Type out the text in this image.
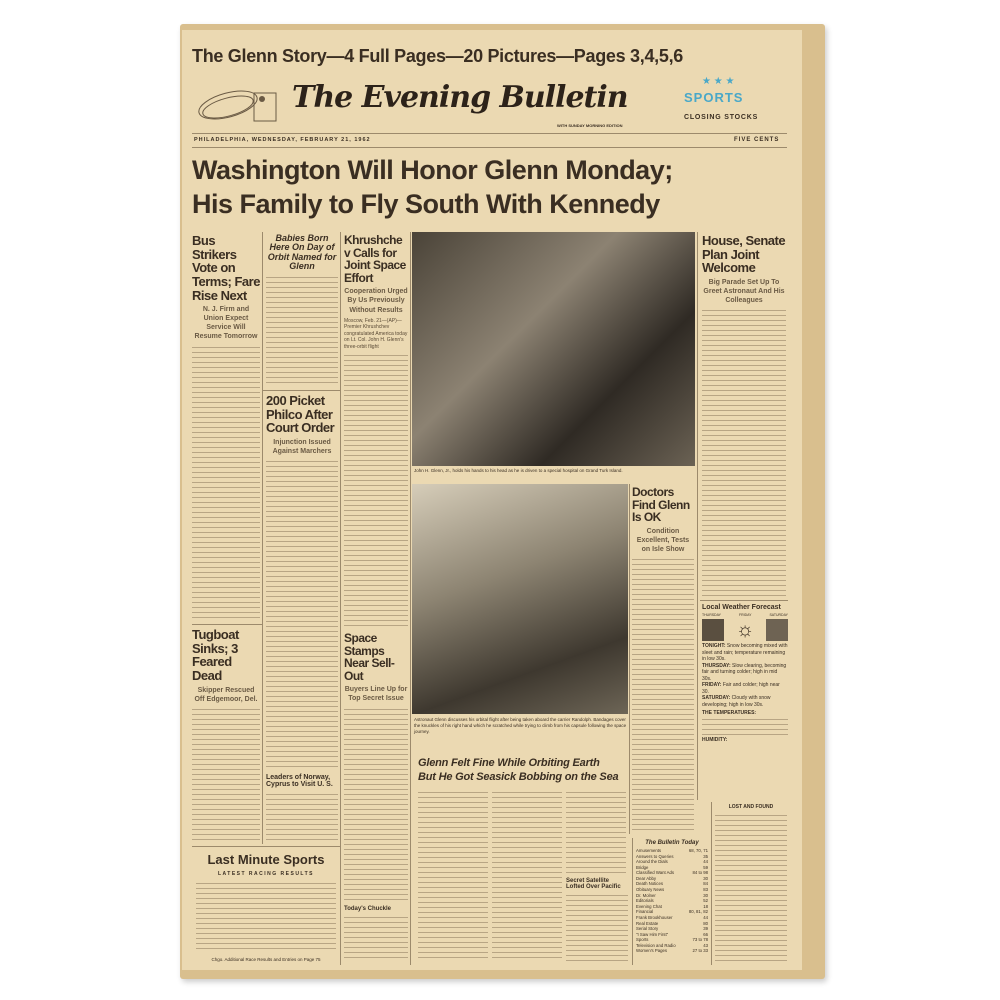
The Glenn Story—4 Full Pages—20 Pictures—Pages 3,4,5,6
The Evening Bulletin
WITH SUNDAY MORNING EDITION
★ ★ ★
SPORTS
CLOSING STOCKS
PHILADELPHIA, WEDNESDAY, FEBRUARY 21, 1962	FIVE CENTS
Washington Will Honor Glenn Monday;
His Family to Fly South With Kennedy
Bus Strikers Vote on Terms; Fare Rise Next
N. J. Firm and Union Expect Service Will Resume Tomorrow
Tugboat Sinks; 3 Feared Dead
Skipper Rescued Off Edgemoor, Del.
Babies Born Here On Day of Orbit Named for Glenn
200 Picket Philco After Court Order
Injunction Issued Against Marchers
Leaders of Norway, Cyprus to Visit U. S.
Last Minute Sports
LATEST RACING RESULTS
Chgo. Additional Race Results and Entries on Page 75
Khrushchev Calls for Joint Space Effort
Cooperation Urged By Us Previously Without Results
Moscow, Feb. 21—(AP)—Premier Khrushchev congratulated America today on Lt. Col. John H. Glenn's three-orbit flight
Space Stamps Near Sell-Out
Buyers Line Up for Top Secret Issue
Today's Chuckle
John H. Glenn, Jr., holds his hands to his head as he is driven to a special hospital on Grand Turk Island.
Astronaut Glenn discusses his orbital flight after being taken aboard the carrier Randolph. Bandages cover the knuckles of his right hand which he scratched while trying to climb from his capsule following the space journey.
House, Senate Plan Joint Welcome
Big Parade Set Up To Greet Astronaut And His Colleagues
Doctors Find Glenn Is OK
Condition Excellent, Tests on Isle Show
Local Weather Forecast
THURSDAY	FRIDAY	SATURDAY
☼
TONIGHT: Snow becoming mixed with sleet and rain; temperature remaining in low 30s.
THURSDAY: Slow clearing, becoming fair and turning colder; high in mid 30s.
FRIDAY: Fair and colder; high near 30.
SATURDAY: Cloudy with snow developing; high in low 30s.
THE TEMPERATURES:
HUMIDITY:
Glenn Felt Fine While Orbiting Earth
But He Got Seasick Bobbing on the Sea
Secret Satellite Lofted Over Pacific
The Bulletin Today
Amusements	68, 70, 71
Answers to Queries	35
Around the Dials	44
Bridge	59
Classified Want Ads	84 to 98
Dear Abby	30
Death Notices	84
Obituary News	83
Dr. Molner	30
Editorials	52
Evening Chat	18
Financial	80, 81, 82
Frank Brookhouser	44
Real Estate	80
Serial Story	39
"I Saw Him First"	66
Sports	73 to 78
Television and Radio	43
Women's Pages	27 to 33
LOST AND FOUND
